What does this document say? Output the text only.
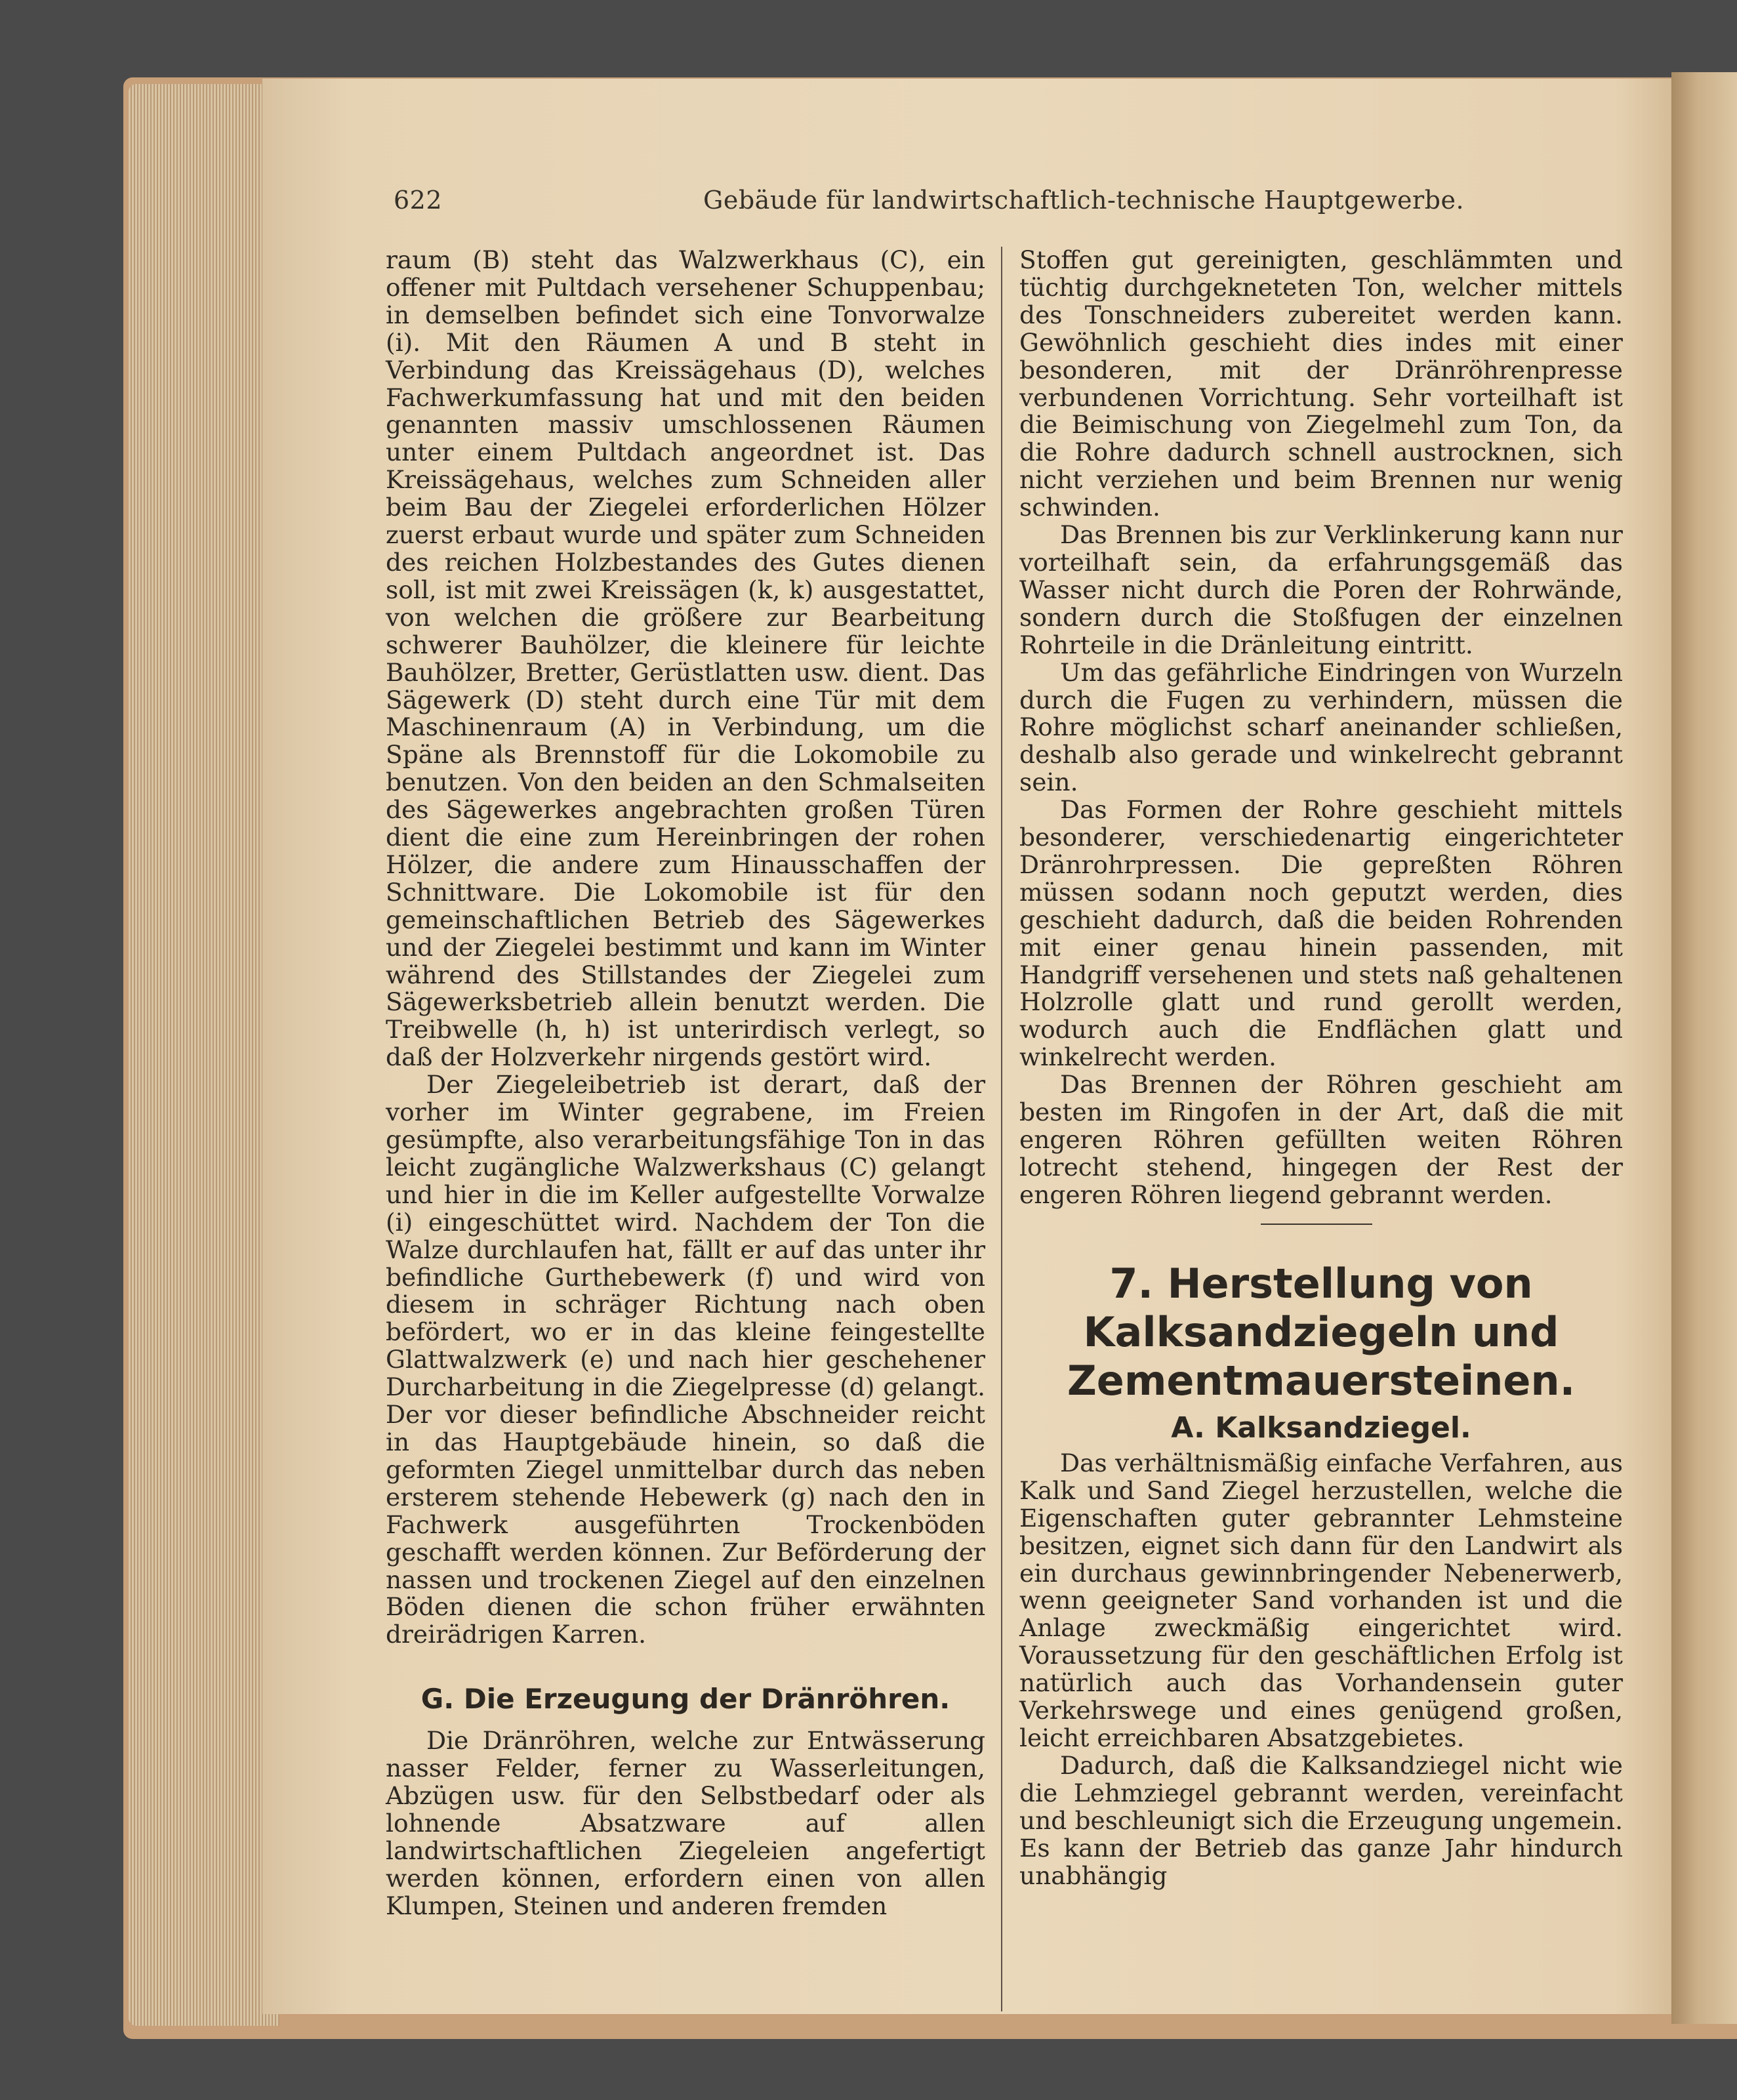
622	Gebäude für landwirtschaftlich-technische Hauptgewerbe.

raum (B) steht das Walzwerkhaus (C), ein offener mit Pultdach versehener Schuppenbau; in demselben befindet sich eine Tonvorwalze (i). Mit den Räumen A und B steht in Verbindung das Kreissägehaus (D), welches Fachwerkumfassung hat und mit den beiden genannten massiv umschlossenen Räumen unter einem Pultdach angeordnet ist. Das Kreissägehaus, welches zum Schneiden aller beim Bau der Ziegelei erforderlichen Hölzer zuerst erbaut wurde und später zum Schneiden des reichen Holzbestandes des Gutes dienen soll, ist mit zwei Kreissägen (k, k) ausgestattet, von welchen die größere zur Bearbeitung schwerer Bauhölzer, die kleinere für leichte Bauhölzer, Bretter, Gerüstlatten usw. dient. Das Sägewerk (D) steht durch eine Tür mit dem Maschinenraum (A) in Verbindung, um die Späne als Brennstoff für die Lokomobile zu benutzen. Von den beiden an den Schmalseiten des Sägewerkes angebrachten großen Türen dient die eine zum Hereinbringen der rohen Hölzer, die andere zum Hinausschaffen der Schnittware. Die Lokomobile ist für den gemeinschaftlichen Betrieb des Sägewerkes und der Ziegelei bestimmt und kann im Winter während des Stillstandes der Ziegelei zum Sägewerksbetrieb allein benutzt werden. Die Treibwelle (h, h) ist unterirdisch verlegt, so daß der Holzverkehr nirgends gestört wird.

Der Ziegeleibetrieb ist derart, daß der vorher im Winter gegrabene, im Freien gesümpfte, also verarbeitungsfähige Ton in das leicht zugängliche Walzwerkshaus (C) gelangt und hier in die im Keller aufgestellte Vorwalze (i) eingeschüttet wird. Nachdem der Ton die Walze durchlaufen hat, fällt er auf das unter ihr befindliche Gurthebewerk (f) und wird von diesem in schräger Richtung nach oben befördert, wo er in das kleine feingestellte Glattwalzwerk (e) und nach hier geschehener Durcharbeitung in die Ziegelpresse (d) gelangt. Der vor dieser befindliche Abschneider reicht in das Hauptgebäude hinein, so daß die geformten Ziegel unmittelbar durch das neben ersterem stehende Hebewerk (g) nach den in Fachwerk ausgeführten Trockenböden geschafft werden können. Zur Beförderung der nassen und trockenen Ziegel auf den einzelnen Böden dienen die schon früher erwähnten dreirädrigen Karren.

G. Die Erzeugung der Dränröhren.

Die Dränröhren, welche zur Entwässerung nasser Felder, ferner zu Wasserleitungen, Abzügen usw. für den Selbstbedarf oder als lohnende Absatzware auf allen landwirtschaftlichen Ziegeleien angefertigt werden können, erfordern einen von allen Klumpen, Steinen und anderen fremden

Stoffen gut gereinigten, geschlämmten und tüchtig durchgekneteten Ton, welcher mittels des Tonschneiders zubereitet werden kann. Gewöhnlich geschieht dies indes mit einer besonderen, mit der Dränröhrenpresse verbundenen Vorrichtung. Sehr vorteilhaft ist die Beimischung von Ziegelmehl zum Ton, da die Rohre dadurch schnell austrocknen, sich nicht verziehen und beim Brennen nur wenig schwinden.

Das Brennen bis zur Verklinkerung kann nur vorteilhaft sein, da erfahrungsgemäß das Wasser nicht durch die Poren der Rohrwände, sondern durch die Stoßfugen der einzelnen Rohrteile in die Dränleitung eintritt.

Um das gefährliche Eindringen von Wurzeln durch die Fugen zu verhindern, müssen die Rohre möglichst scharf aneinander schließen, deshalb also gerade und winkelrecht gebrannt sein.

Das Formen der Rohre geschieht mittels besonderer, verschiedenartig eingerichteter Dränrohrpressen. Die gepreßten Röhren müssen sodann noch geputzt werden, dies geschieht dadurch, daß die beiden Rohrenden mit einer genau hinein passenden, mit Handgriff versehenen und stets naß gehaltenen Holzrolle glatt und rund gerollt werden, wodurch auch die Endflächen glatt und winkelrecht werden.

Das Brennen der Röhren geschieht am besten im Ringofen in der Art, daß die mit engeren Röhren gefüllten weiten Röhren lotrecht stehend, hingegen der Rest der engeren Röhren liegend gebrannt werden.

7. Herstellung von Kalksandziegeln und Zementmauersteinen.
A. Kalksandziegel.

Das verhältnismäßig einfache Verfahren, aus Kalk und Sand Ziegel herzustellen, welche die Eigenschaften guter gebrannter Lehmsteine besitzen, eignet sich dann für den Landwirt als ein durchaus gewinnbringender Nebenerwerb, wenn geeigneter Sand vorhanden ist und die Anlage zweckmäßig eingerichtet wird. Voraussetzung für den geschäftlichen Erfolg ist natürlich auch das Vorhandensein guter Verkehrswege und eines genügend großen, leicht erreichbaren Absatzgebietes.

Dadurch, daß die Kalksandziegel nicht wie die Lehmziegel gebrannt werden, vereinfacht und beschleunigt sich die Erzeugung ungemein. Es kann der Betrieb das ganze Jahr hindurch unabhängig
